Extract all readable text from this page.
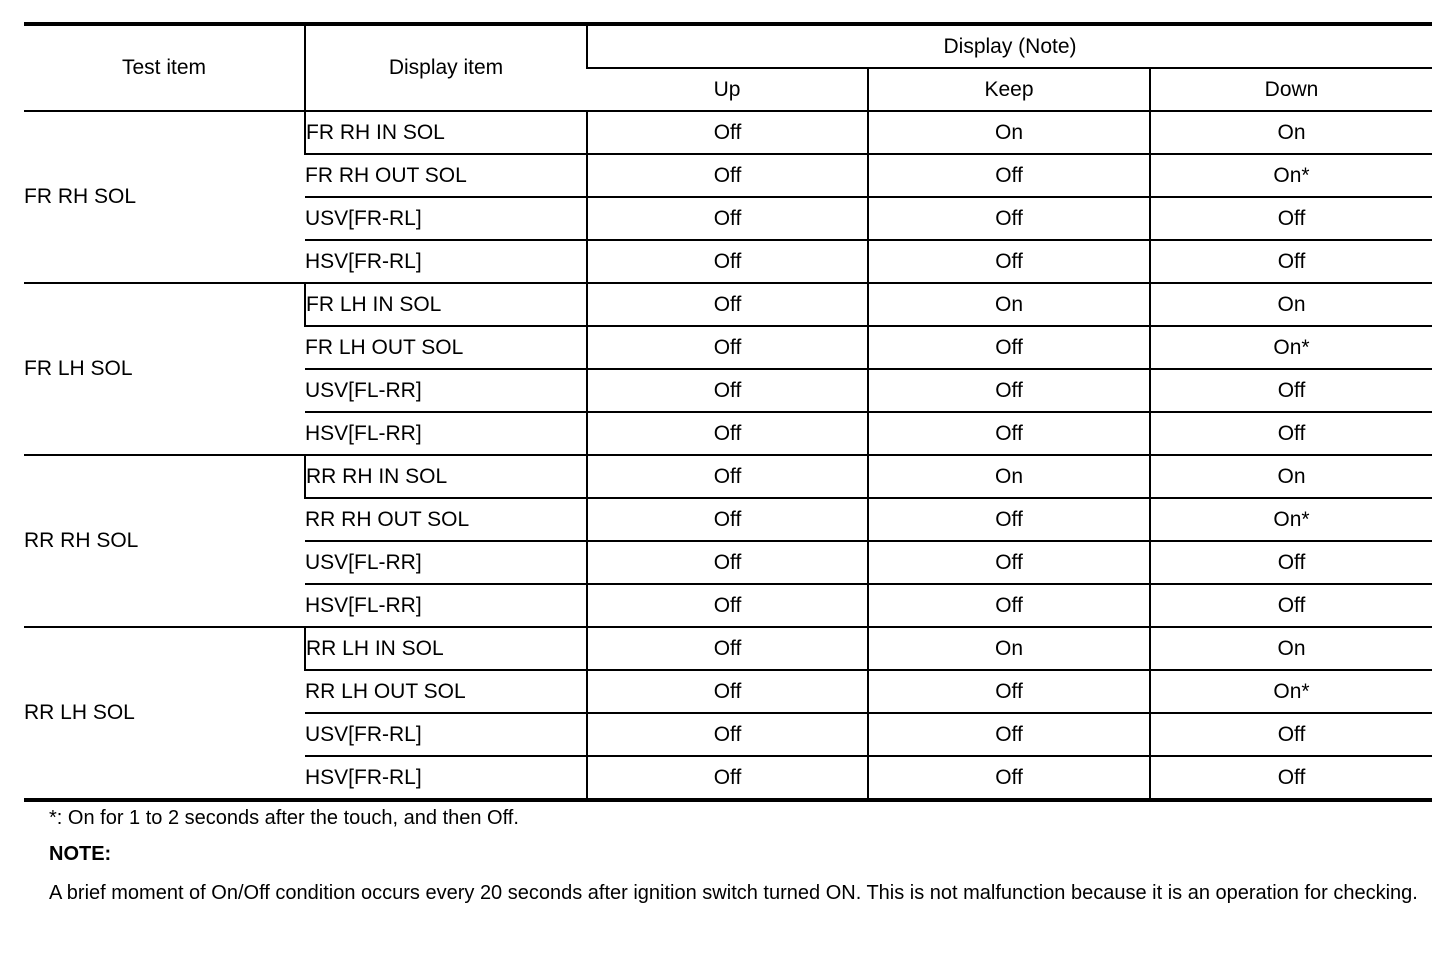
Test item	Display item	Display (Note)		
		Up	Keep	Down
FR RH SOL	FR RH IN SOL	Off	On	On
	FR RH OUT SOL	Off	Off	On*
	USV[FR-RL]	Off	Off	Off
	HSV[FR-RL]	Off	Off	Off
FR LH SOL	FR LH IN SOL	Off	On	On
	FR LH OUT SOL	Off	Off	On*
	USV[FL-RR]	Off	Off	Off
	HSV[FL-RR]	Off	Off	Off
RR RH SOL	RR RH IN SOL	Off	On	On
	RR RH OUT SOL	Off	Off	On*
	USV[FL-RR]	Off	Off	Off
	HSV[FL-RR]	Off	Off	Off
RR LH SOL	RR LH IN SOL	Off	On	On
	RR LH OUT SOL	Off	Off	On*
	USV[FR-RL]	Off	Off	Off
	HSV[FR-RL]	Off	Off	Off
*: On for 1 to 2 seconds after the touch, and then Off.
NOTE:
A brief moment of On/Off condition occurs every 20 seconds after ignition switch turned ON. This is not malfunction because it is an operation for checking.
